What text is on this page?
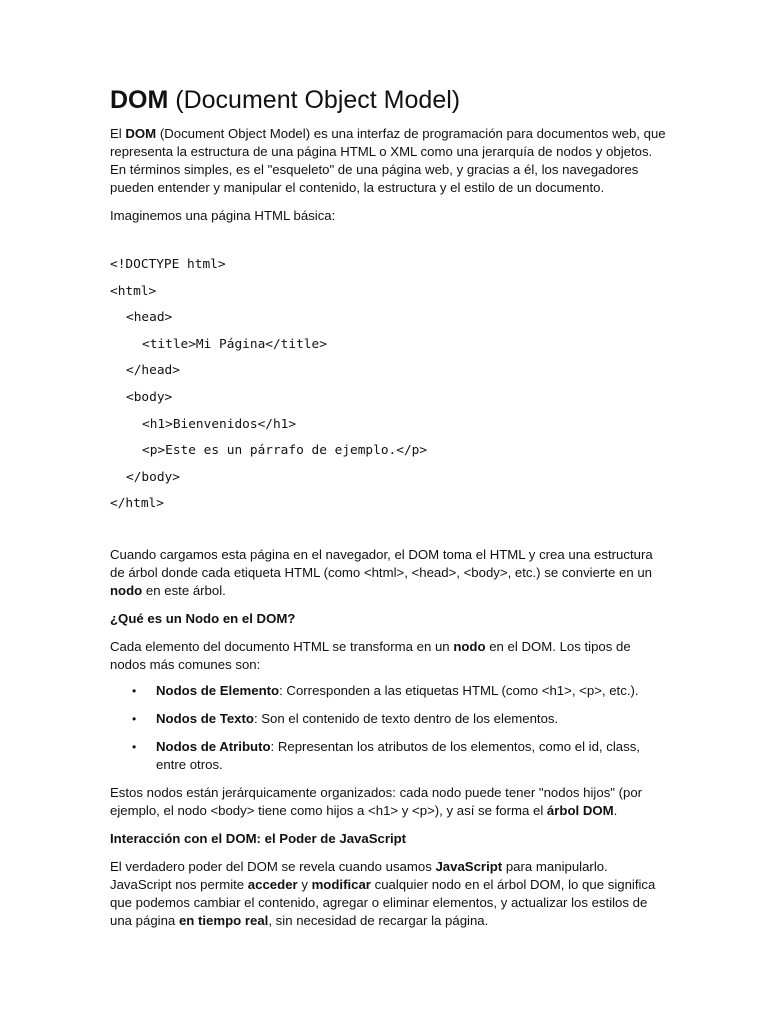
DOM (Document Object Model)

El DOM (Document Object Model) es una interfaz de programación para documentos web, que representa la estructura de una página HTML o XML como una jerarquía de nodos y objetos. En términos simples, es el "esqueleto" de una página web, y gracias a él, los navegadores pueden entender y manipular el contenido, la estructura y el estilo de un documento.

Imaginemos una página HTML básica:

<!DOCTYPE html>
<html>
<head>
<title>Mi Página</title>
</head>
<body>
<h1>Bienvenidos</h1>
<p>Este es un párrafo de ejemplo.</p>
</body>
</html>

Cuando cargamos esta página en el navegador, el DOM toma el HTML y crea una estructura de árbol donde cada etiqueta HTML (como <html>, <head>, <body>, etc.) se convierte en un nodo en este árbol.

¿Qué es un Nodo en el DOM?

Cada elemento del documento HTML se transforma en un nodo en el DOM. Los tipos de nodos más comunes son:

• Nodos de Elemento: Corresponden a las etiquetas HTML (como <h1>, <p>, etc.).
• Nodos de Texto: Son el contenido de texto dentro de los elementos.
• Nodos de Atributo: Representan los atributos de los elementos, como el id, class, entre otros.

Estos nodos están jerárquicamente organizados: cada nodo puede tener "nodos hijos" (por ejemplo, el nodo <body> tiene como hijos a <h1> y <p>), y así se forma el árbol DOM.

Interacción con el DOM: el Poder de JavaScript

El verdadero poder del DOM se revela cuando usamos JavaScript para manipularlo. JavaScript nos permite acceder y modificar cualquier nodo en el árbol DOM, lo que significa que podemos cambiar el contenido, agregar o eliminar elementos, y actualizar los estilos de una página en tiempo real, sin necesidad de recargar la página.
